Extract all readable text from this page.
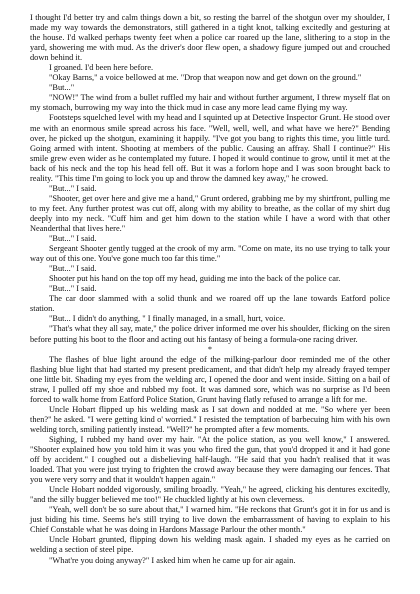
I thought I'd better try and calm things down a bit, so resting the barrel of the shotgun over my shoulder, I made my way towards the demonstrators, still gathered in a tight knot, talking excitedly and gesturing at the house. I'd walked perhaps twenty feet when a police car roared up the lane, slithering to a stop in the yard, showering me with mud. As the driver's door flew open, a shadowy figure jumped out and crouched down behind it.

I groaned. I'd been here before.

"Okay Barns," a voice bellowed at me. "Drop that weapon now and get down on the ground."

"But..."

"NOW!" The wind from a bullet ruffled my hair and without further argument, I threw myself flat on my stomach, burrowing my way into the thick mud in case any more lead came flying my way.

Footsteps squelched level with my head and I squinted up at Detective Inspector Grunt. He stood over me with an enormous smile spread across his face. "Well, well, well, and what have we here?" Bending over, he picked up the shotgun, examining it happily. "I've got you bang to rights this time, you little turd. Going armed with intent. Shooting at members of the public. Causing an affray. Shall I continue?" His smile grew even wider as he contemplated my future. I hoped it would continue to grow, until it met at the back of his neck and the top his head fell off. But it was a forlorn hope and I was soon brought back to reality. "This time I'm going to lock you up and throw the damned key away," he crowed.

"But..." I said.

"Shooter, get over here and give me a hand," Grunt ordered, grabbing me by my shirtfront, pulling me to my feet. Any further protest was cut off, along with my ability to breathe, as the collar of my shirt dug deeply into my neck. "Cuff him and get him down to the station while I have a word with that other Neanderthal that lives here."

"But..." I said.

Sergeant Shooter gently tugged at the crook of my arm. "Come on mate, its no use trying to talk your way out of this one. You've gone much too far this time."

"But..." I said.

Shooter put his hand on the top off my head, guiding me into the back of the police car.

"But..." I said.

The car door slammed with a solid thunk and we roared off up the lane towards Eatford police station.

"But... I didn't do anything, " I finally managed, in a small, hurt, voice.

"That's what they all say, mate," the police driver informed me over his shoulder, flicking on the siren before putting his boot to the floor and acting out his fantasy of being a formula-one racing driver.

*

The flashes of blue light around the edge of the milking-parlour door reminded me of the other flashing blue light that had started my present predicament, and that didn't help my already frayed temper one little bit. Shading my eyes from the welding arc, I opened the door and went inside. Sitting on a bail of straw, I pulled off my shoe and rubbed my foot. It was damned sore, which was no surprise as I'd been forced to walk home from Eatford Police Station, Grunt having flatly refused to arrange a lift for me.

Uncle Hobart flipped up his welding mask as I sat down and nodded at me. "So where yer been then?" he asked. "I were getting kind o' worried." I resisted the temptation of barbecuing him with his own welding torch, smiling patiently instead. "Well?" he prompted after a few moments.

Sighing, I rubbed my hand over my hair. "At the police station, as you well know," I answered. "Shooter explained how you told him it was you who fired the gun, that you'd dropped it and it had gone off by accident." I coughed out a disbelieving half-laugh. "He said that you hadn't realised that it was loaded. That you were just trying to frighten the crowd away because they were damaging our fences. That you were very sorry and that it wouldn't happen again."

Uncle Hobart nodded vigorously, smiling broadly. "Yeah," he agreed, clicking his dentures excitedly, "and the silly bugger believed me too!" He chuckled lightly at his own cleverness.

"Yeah, well don't be so sure about that," I warned him. "He reckons that Grunt's got it in for us and is just biding his time. Seems he's still trying to live down the embarrassment of having to explain to his Chief Constable what he was doing in Hardons Massage Parlour the other month."

Uncle Hobart grunted, flipping down his welding mask again. I shaded my eyes as he carried on welding a section of steel pipe.

"What're you doing anyway?" I asked him when he came up for air again.
